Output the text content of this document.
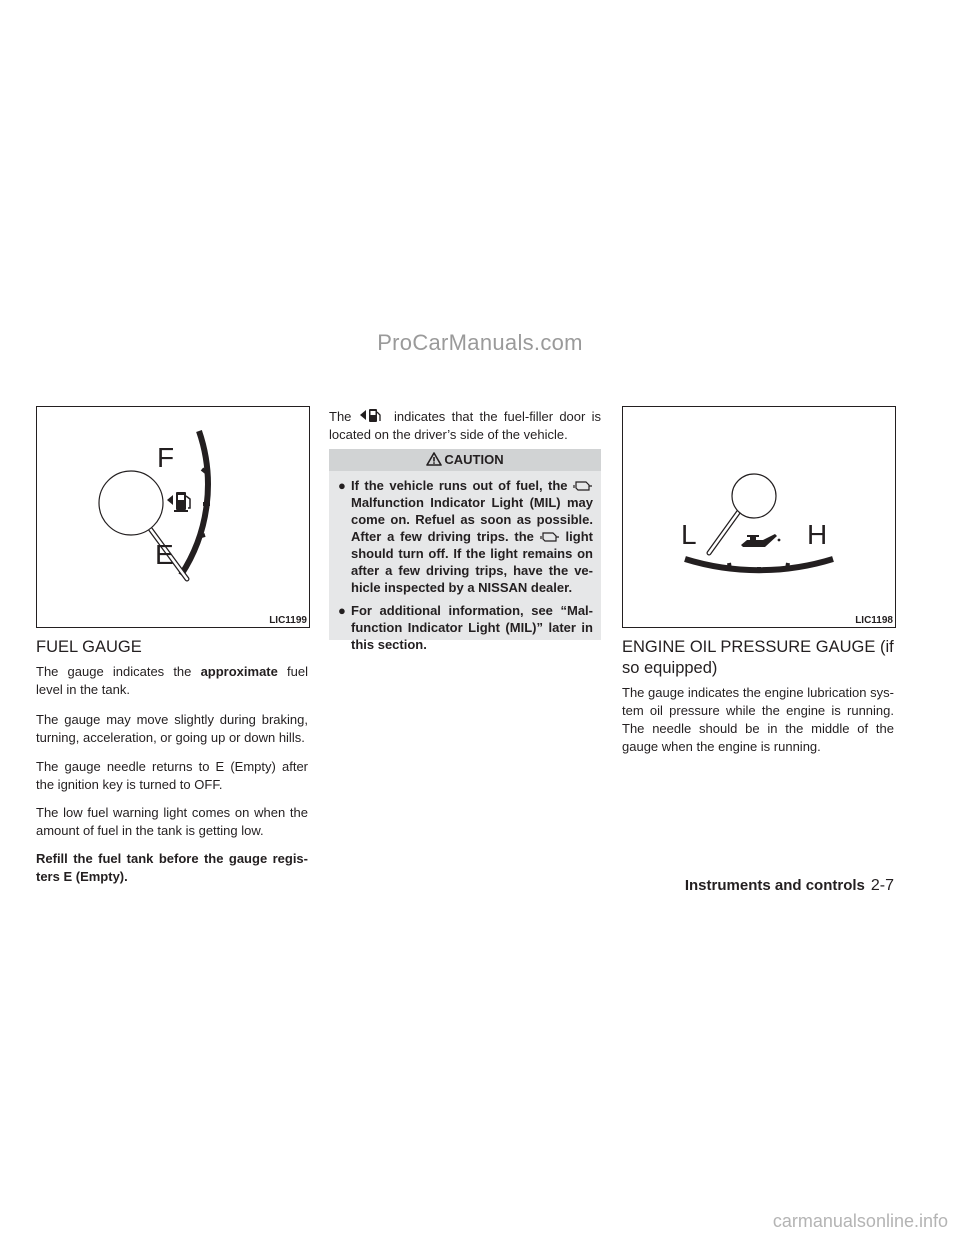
ProCarManuals.com
F
E
LIC1199
FUEL GAUGE

The gauge indicates the approximate fuel level in the tank.

The gauge may move slightly during braking, turning, acceleration, or going up or down hills.

The gauge needle returns to E (Empty) after the ignition key is turned to OFF.

The low fuel warning light comes on when the amount of fuel in the tank is getting low.

Refill the fuel tank before the gauge regis- ters E (Empty).

The	indicates that the fuel-filler door is located on the driver’s side of the vehicle.

CAUTION
● If the vehicle runs out of fuel, the  Malfunction Indicator Light (MIL) may come on. Refuel as soon as possible. After a few driving trips. the light should turn off. If the light remains on after a few driving trips, have the ve- hicle inspected by a NISSAN dealer.
● For additional information, see “Mal- function Indicator Light (MIL)” later in this section.
L	H
LIC1198
ENGINE OIL PRESSURE GAUGE (if so equipped)

The gauge indicates the engine lubrication sys- tem oil pressure while the engine is running. The needle should be in the middle of the gauge when the engine is running.

Instruments and controls 2-7
carmanualsonline.info
